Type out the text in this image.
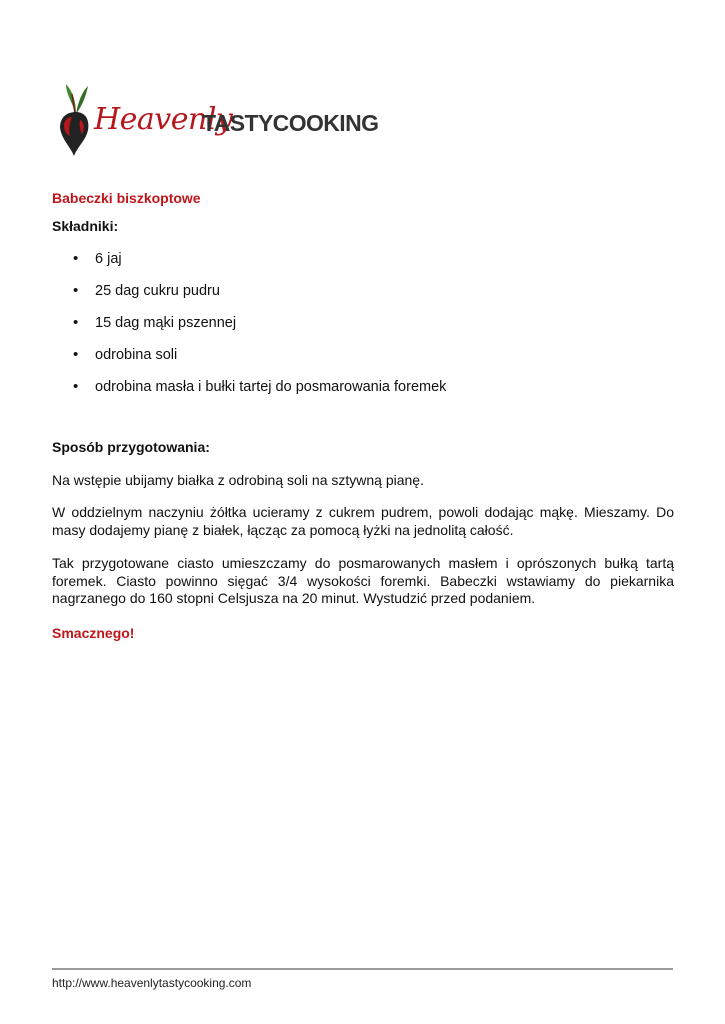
Heavenly
TASTYCOOKING
Babeczki biszkoptowe
Składniki:
• 6 jaj
• 25 dag cukru pudru
• 15 dag mąki pszennej
• odrobina soli
• odrobina masła i bułki tartej do posmarowania foremek
Sposób przygotowania:

Na wstępie ubijamy białka z odrobiną soli na sztywną pianę.

W oddzielnym naczyniu żółtka ucieramy z cukrem pudrem, powoli dodając mąkę. Mieszamy. Do masy dodajemy pianę z białek, łącząc za pomocą łyżki na jednolitą całość.

Tak przygotowane ciasto umieszczamy do posmarowanych masłem i oprószonych bułką tartą foremek. Ciasto powinno sięgać 3/4 wysokości foremki. Babeczki wstawiamy do piekarnika nagrzanego do 160 stopni Celsjusza na 20 minut. Wystudzić przed podaniem.

Smacznego!

http://www.heavenlytastycooking.com
